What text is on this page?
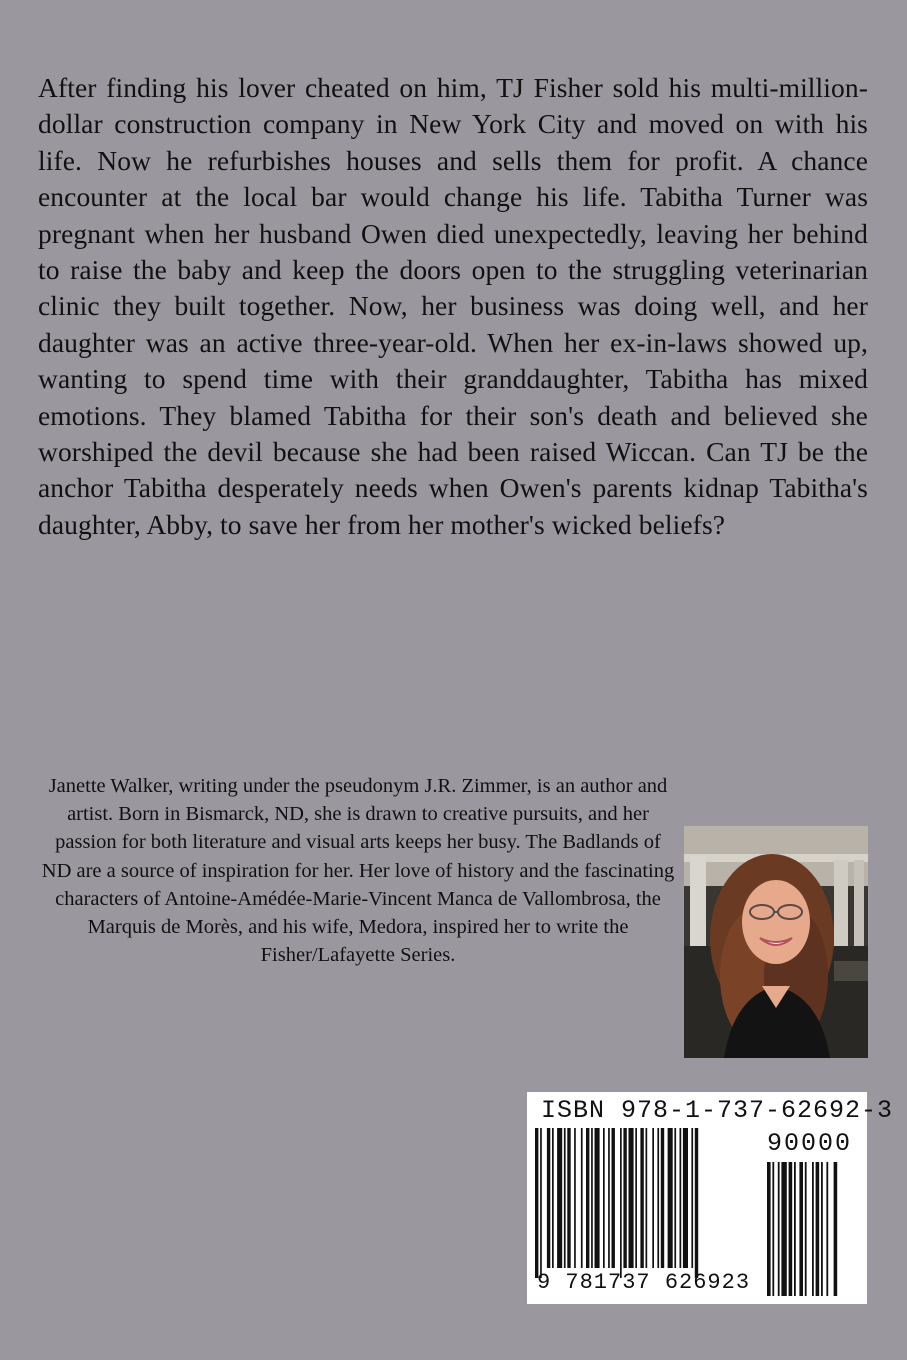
After finding his lover cheated on him, TJ Fisher sold his multi-million-dollar construction company in New York City and moved on with his life. Now he refurbishes houses and sells them for profit. A chance encounter at the local bar would change his life. Tabitha Turner was pregnant when her husband Owen died unexpectedly, leaving her behind to raise the baby and keep the doors open to the struggling veterinarian clinic they built together. Now, her business was doing well, and her daughter was an active three-year-old. When her ex-in-laws showed up, wanting to spend time with their granddaughter, Tabitha has mixed emotions. They blamed Tabitha for their son's death and believed she worshiped the devil because she had been raised Wiccan. Can TJ be the anchor Tabitha desperately needs when Owen's parents kidnap Tabitha's daughter, Abby, to save her from her mother's wicked beliefs?

Janette Walker, writing under the pseudonym J.R. Zimmer, is an author and artist. Born in Bismarck, ND, she is drawn to creative pursuits, and her passion for both literature and visual arts keeps her busy. The Badlands of ND are a source of inspiration for her. Her love of history and the fascinating characters of Antoine-Amédée-Marie-Vincent Manca de Vallombrosa, the Marquis de Morès, and his wife, Medora, inspired her to write the Fisher/Lafayette Series.

ISBN 978-1-737-62692-3
90000
9 781737 626923
